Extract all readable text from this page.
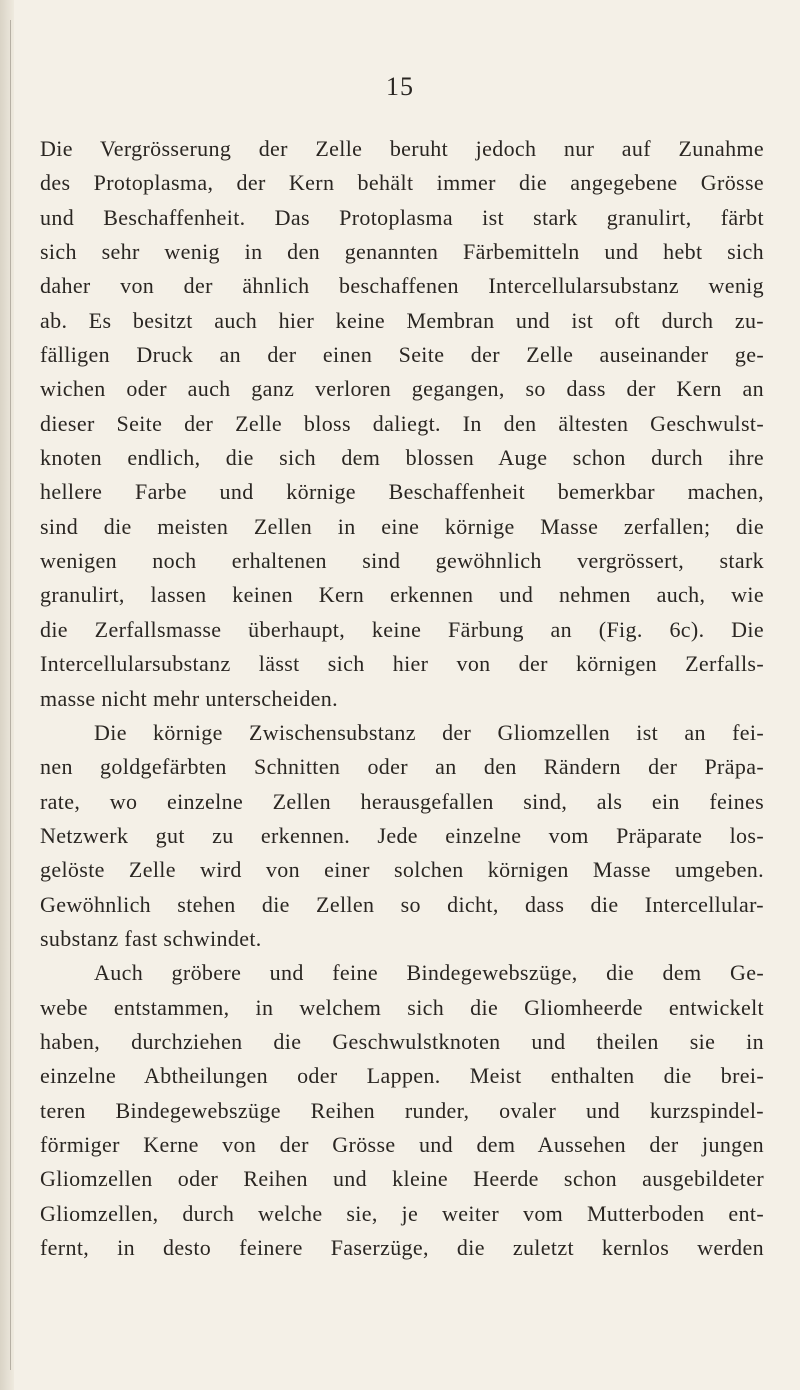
15
Die Vergrösserung der Zelle beruht jedoch nur auf Zunahme
des Protoplasma, der Kern behält immer die angegebene Grösse
und Beschaffenheit. Das Protoplasma ist stark granulirt, färbt
sich sehr wenig in den genannten Färbemitteln und hebt sich
daher von der ähnlich beschaffenen Intercellularsubstanz wenig
ab. Es besitzt auch hier keine Membran und ist oft durch zu-
fälligen Druck an der einen Seite der Zelle auseinander ge-
wichen oder auch ganz verloren gegangen, so dass der Kern an
dieser Seite der Zelle bloss daliegt. In den ältesten Geschwulst-
knoten endlich, die sich dem blossen Auge schon durch ihre
hellere Farbe und körnige Beschaffenheit bemerkbar machen,
sind die meisten Zellen in eine körnige Masse zerfallen; die
wenigen noch erhaltenen sind gewöhnlich vergrössert, stark
granulirt, lassen keinen Kern erkennen und nehmen auch, wie
die Zerfallsmasse überhaupt, keine Färbung an (Fig. 6c). Die
Intercellularsubstanz lässt sich hier von der körnigen Zerfalls-
masse nicht mehr unterscheiden.
Die körnige Zwischensubstanz der Gliomzellen ist an fei-
nen goldgefärbten Schnitten oder an den Rändern der Präpa-
rate, wo einzelne Zellen herausgefallen sind, als ein feines
Netzwerk gut zu erkennen. Jede einzelne vom Präparate los-
gelöste Zelle wird von einer solchen körnigen Masse umgeben.
Gewöhnlich stehen die Zellen so dicht, dass die Intercellular-
substanz fast schwindet.
Auch gröbere und feine Bindegewebszüge, die dem Ge-
webe entstammen, in welchem sich die Gliomheerde entwickelt
haben, durchziehen die Geschwulstknoten und theilen sie in
einzelne Abtheilungen oder Lappen. Meist enthalten die brei-
teren Bindegewebszüge Reihen runder, ovaler und kurzspindel-
förmiger Kerne von der Grösse und dem Aussehen der jungen
Gliomzellen oder Reihen und kleine Heerde schon ausgebildeter
Gliomzellen, durch welche sie, je weiter vom Mutterboden ent-
fernt, in desto feinere Faserzüge, die zuletzt kernlos werden
